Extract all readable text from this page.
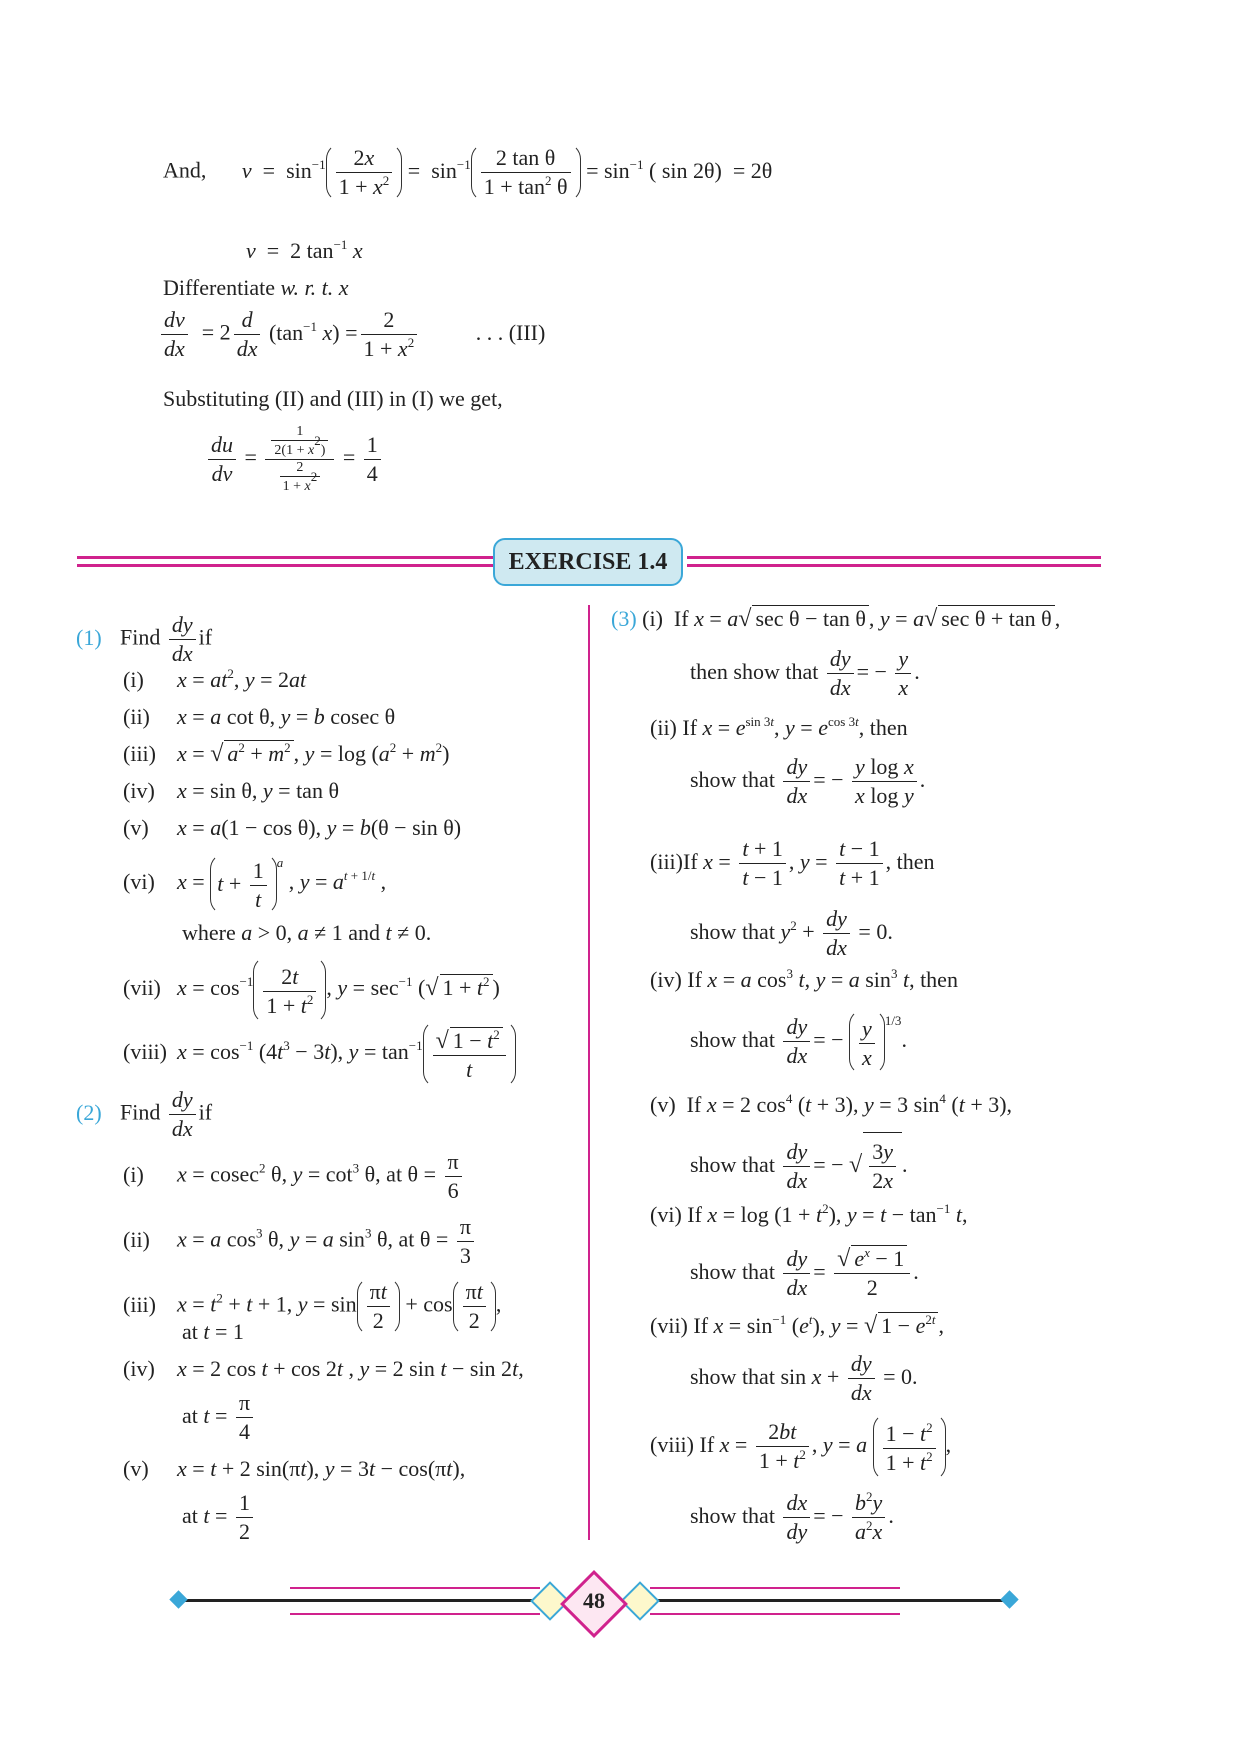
And, $v = \sin^{-1} \frac{2x}{1 + x^2} = \sin^{-1} \frac{\text{2 tan θ}}{1 + \tan^2 \theta} = \sin^{-1}$ ( sin 2θ)  = 2θ
v  =  2 $\tan^{-1} x$
Differentiate w. r. t. x
$\frac{dv}{dx} = 2 \frac{d}{dx} (\tan^{-1}$ $x) = \frac{2}{1 + x^2}$	. . . (III)
Substituting (II) and (III) in (I) we get,
$\frac{du}{dv} = \frac{\frac{1}{2(1 + x^2)}}{\frac{2}{1 + x^2}} = \frac{1}{4}$
EXERCISE 1.4
(1) Find $\frac{dy}{dx}$ if
(i) $x = at^2$, y = 2at
(ii) x = a cot θ, y = b cosec θ
(iii) x = √ $a^2 + m^2$ , $y = \log (a^2 + m^2)$
(iv) x = sin θ, y = tan θ
(v) x = a(1 − cos θ), y = b(θ − sin θ)
(vi) $x = t + \frac{1}{t} ^a$ , $y = a^{t + 1/t}$ ,
where a > 0, a ≠ 1 and t ≠ 0.
(vii) $x = \cos^{-1} \frac{2t}{1 + t^2}$ , $y = \sec^{-1}$ (√ $1 + t^2$ )
(viii) $x = \cos^{-1} (4t^3 - 3t)$, $y = \tan^{-1} \frac{√ 1 - t^2}{t}$
(2) Find $\frac{dy}{dx}$ if
(i) x = cosec$^2$ θ, $y = \cot^3 \theta$, at $\theta = \frac{\pi}{6}$
(ii) x = a $\cos^3 \theta$, y = a $\sin^3 \theta$, at $\theta = \frac{\pi}{3}$
(iii) $x = t^2 + t + 1$, $y = \sin \frac{\pi t}{2} + \cos \frac{\pi t}{2}$ ,
at t = 1
(iv) x = 2 cos t + cos 2t , y = 2 sin t − sin 2t,
at $t = \frac{\pi}{4}$
(v) x = t + 2 sin(πt), y = 3t − cos(πt),
at $t = \frac{1}{2}$
(3) (i)  If x = a√ sec θ − tan θ , y = a√ sec θ + tan θ ,
then show that $\frac{dy}{dx}$ = − $\frac{y}{x}$ .
(ii) If $x = e^{sin 3t}$, $y = e^{cos 3t}$, then
show that $\frac{dy}{dx}$ = − $\frac{\text{y log x}}{\text{x log y}}$ .
(iii)If $x = \frac{t + 1}{t - 1}$ , $y = \frac{t - 1}{t + 1}$ , then
show that $y^2 + \frac{dy}{dx} = 0$.
(iv) If x = a $\cos^3 t$, y = a $\sin^3 t$, then
show that $\frac{dy}{dx}$ = − $\frac{y}{x} ^{1/3}$.
(v)  If x = 2 $\cos^4 (t + 3)$, y = 3 $\sin^4 (t + 3)$,
show that $\frac{dy}{dx}$ = − √ $\frac{3y}{2x}$ .
(vi) If $x = \log (1 + t^2)$, $y = t - \tan^{-1} t$,
show that $\frac{dy}{dx} = \frac{√ e^x - 1}{2}$ .
(vii) If $x = \sin^{-1} (e^t)$, y = √ $1 - e^{2t}$ ,
show that $\sin x + \frac{dy}{dx} = 0$.
(viii) If $x = \frac{2bt}{1 + t^2}$ , y = a $\frac{1 - t^2}{1 + t^2}$ ,
show that $\frac{dx}{dy}$ = − $\frac{b^2y}{a^2x}$ .
48
